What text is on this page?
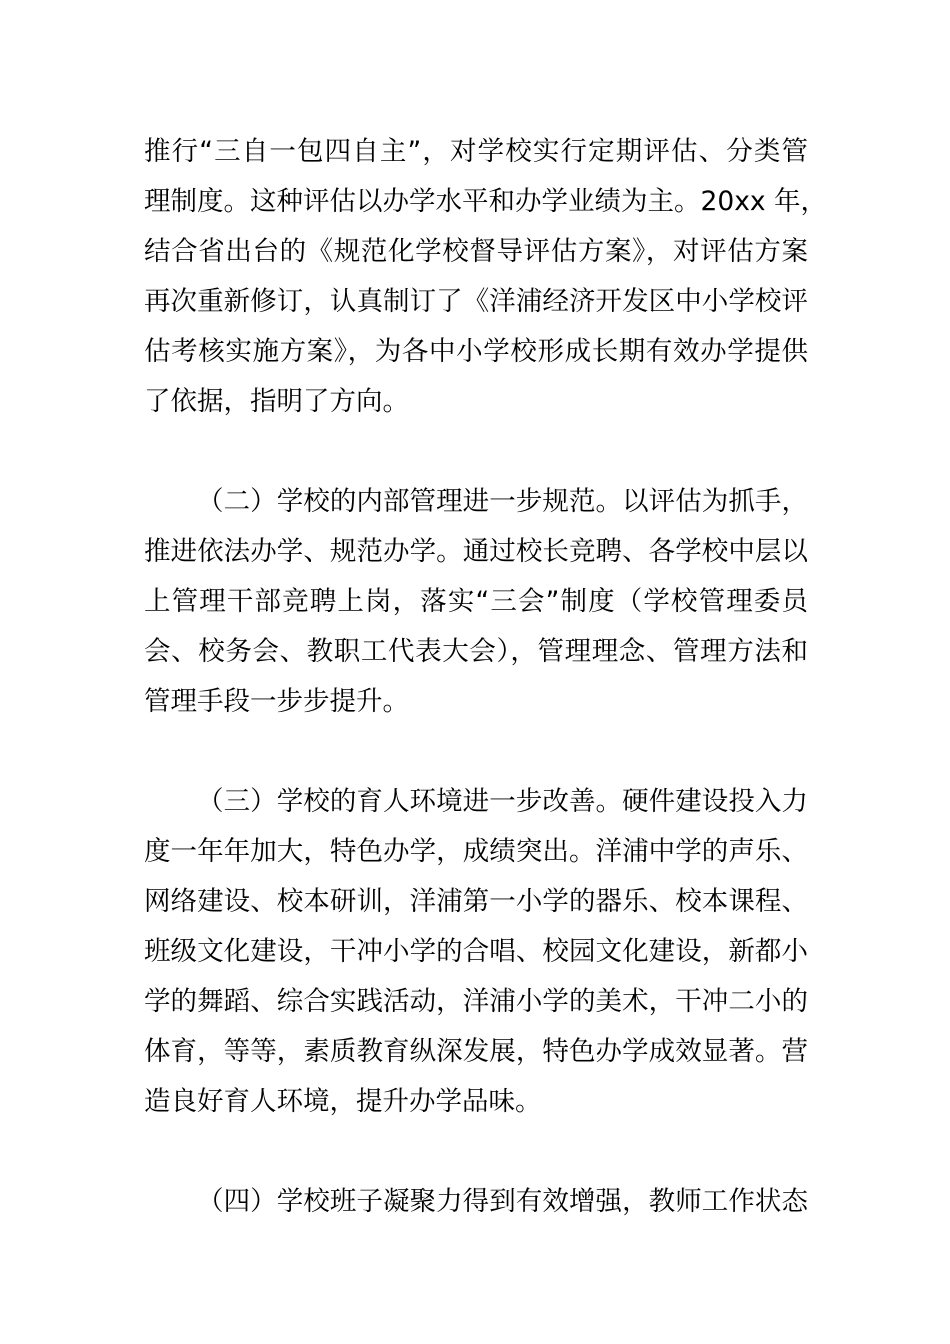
推行“三自一包四自主”，对学校实行定期评估、分类管
理制度。这种评估以办学水平和办学业绩为主。20xx 年，
结合省出台的《规范化学校督导评估方案》，对评估方案
再次重新修订，认真制订了《洋浦经济开发区中小学校评
估考核实施方案》，为各中小学校形成长期有效办学提供
了依据，指明了方向。
（二）学校的内部管理进一步规范。以评估为抓手，
推进依法办学、规范办学。通过校长竞聘、各学校中层以
上管理干部竞聘上岗，落实“三会”制度（学校管理委员
会、校务会、教职工代表大会），管理理念、管理方法和
管理手段一步步提升。
（三）学校的育人环境进一步改善。硬件建设投入力
度一年年加大，特色办学，成绩突出。洋浦中学的声乐、
网络建设、校本研训，洋浦第一小学的器乐、校本课程、
班级文化建设，干冲小学的合唱、校园文化建设，新都小
学的舞蹈、综合实践活动，洋浦小学的美术，干冲二小的
体育，等等，素质教育纵深发展，特色办学成效显著。营
造良好育人环境，提升办学品味。
（四）学校班子凝聚力得到有效增强，教师工作状态
